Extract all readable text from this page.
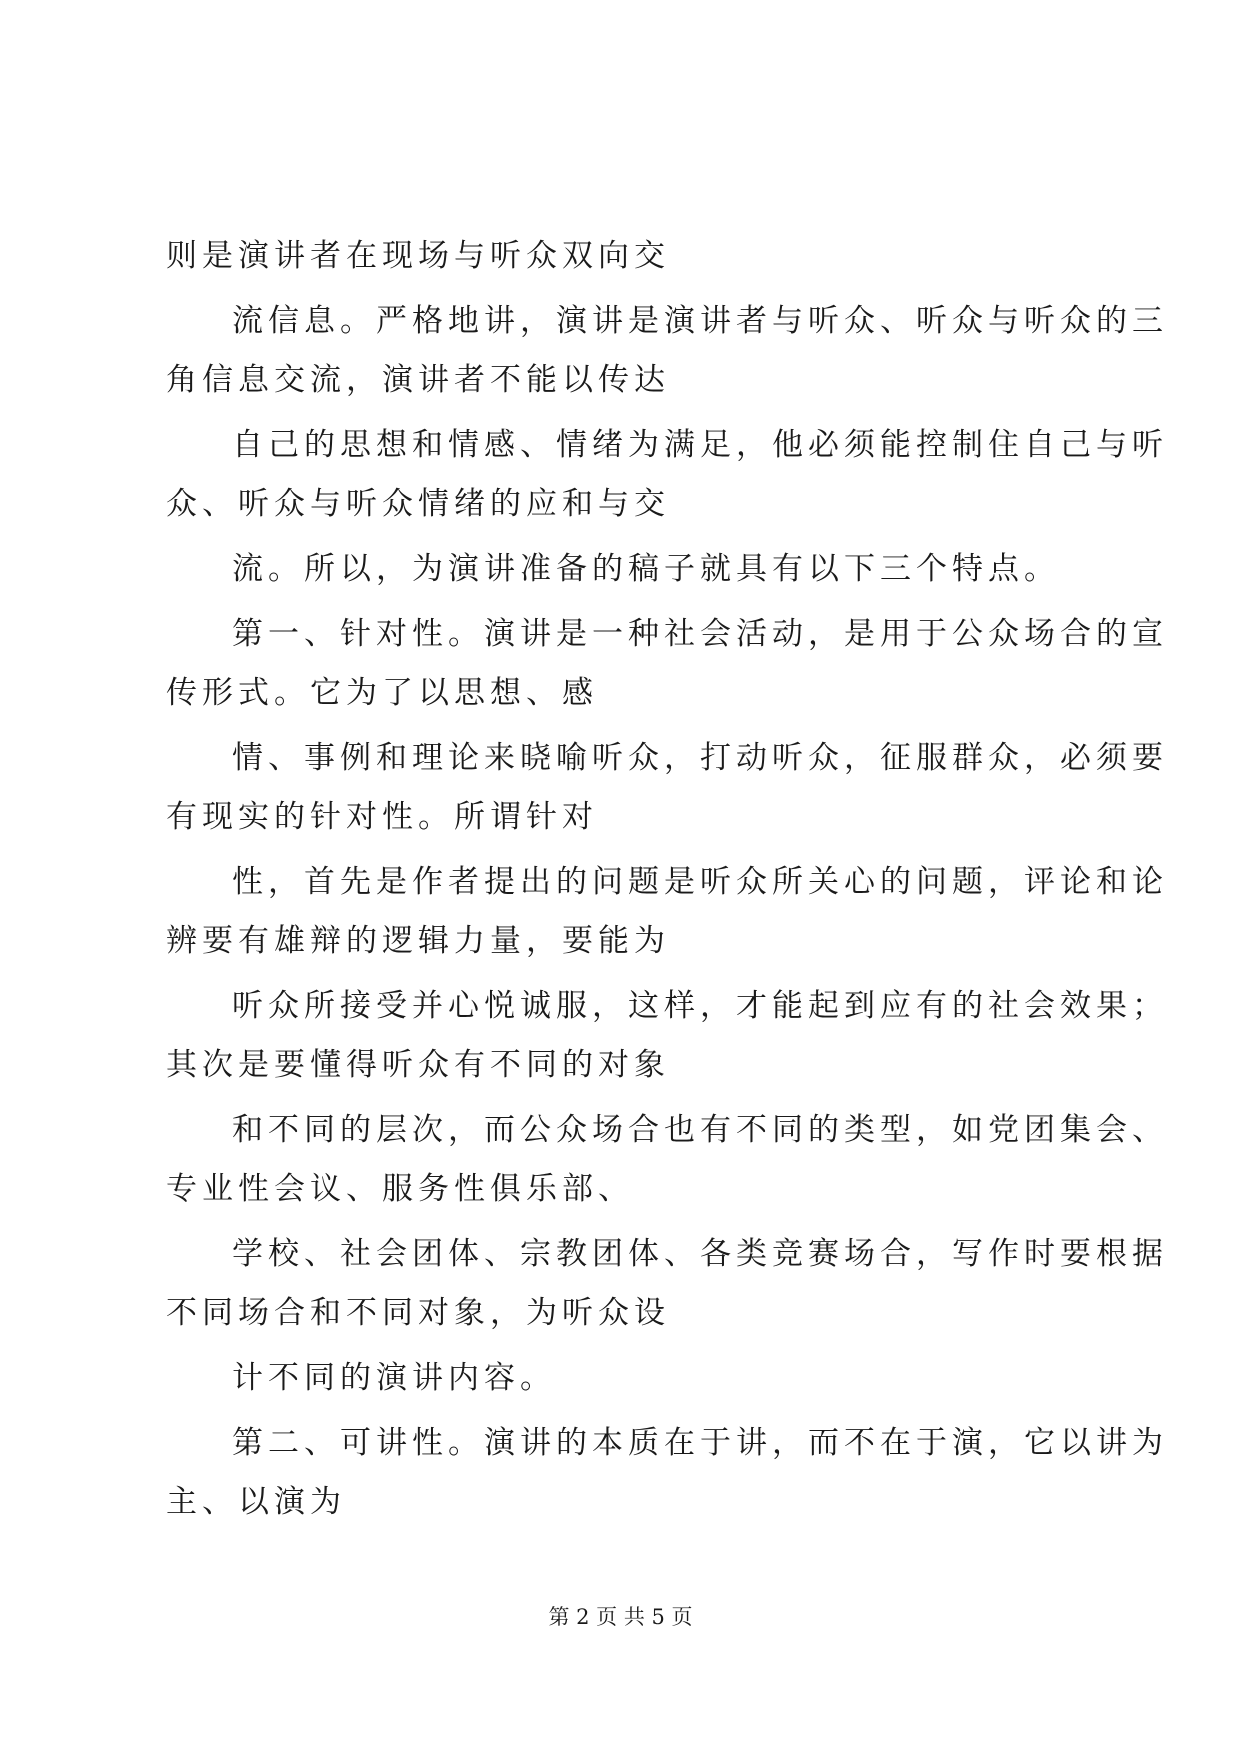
则是演讲者在现场与听众双向交
流信息。严格地讲，演讲是演讲者与听众、听众与听众的三
角信息交流，演讲者不能以传达
自己的思想和情感、情绪为满足，他必须能控制住自己与听
众、听众与听众情绪的应和与交
流。所以，为演讲准备的稿子就具有以下三个特点。
第一、针对性。演讲是一种社会活动，是用于公众场合的宣
传形式。它为了以思想、感
情、事例和理论来晓喻听众，打动听众，征服群众，必须要
有现实的针对性。所谓针对
性，首先是作者提出的问题是听众所关心的问题，评论和论
辨要有雄辩的逻辑力量，要能为
听众所接受并心悦诚服，这样，才能起到应有的社会效果；
其次是要懂得听众有不同的对象
和不同的层次，而公众场合也有不同的类型，如党团集会、
专业性会议、服务性俱乐部、
学校、社会团体、宗教团体、各类竞赛场合，写作时要根据
不同场合和不同对象，为听众设
计不同的演讲内容。
第二、可讲性。演讲的本质在于讲，而不在于演，它以讲为
主、以演为
第 2 页 共 5 页
